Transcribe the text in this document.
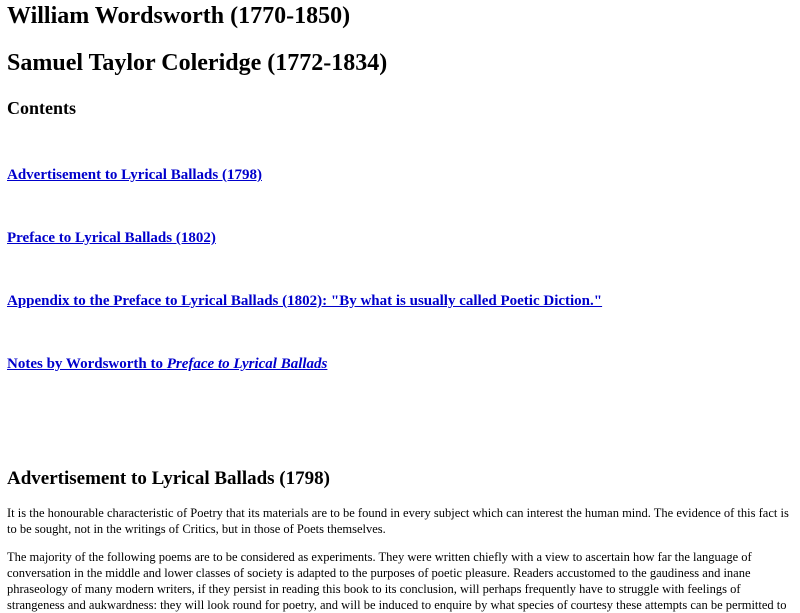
William Wordsworth (1770-1850)
Samuel Taylor Coleridge (1772-1834)
Contents
Advertisement to Lyrical Ballads (1798)
Preface to Lyrical Ballads (1802)
Appendix to the Preface to Lyrical Ballads (1802): "By what is usually called Poetic Diction."
Notes by Wordsworth to Preface to Lyrical Ballads
Advertisement to Lyrical Ballads (1798)

It is the honourable characteristic of Poetry that its materials are to be found in every subject which can interest the human mind. The evidence of this fact is to be sought, not in the writings of Critics, but in those of Poets themselves.

The majority of the following poems are to be considered as experiments. They were written chiefly with a view to ascertain how far the language of conversation in the middle and lower classes of society is adapted to the purposes of poetic pleasure. Readers accustomed to the gaudiness and inane phraseology of many modern writers, if they persist in reading this book to its conclusion, will perhaps frequently have to struggle with feelings of strangeness and aukwardness: they will look round for poetry, and will be induced to enquire by what species of courtesy these attempts can be permitted to
